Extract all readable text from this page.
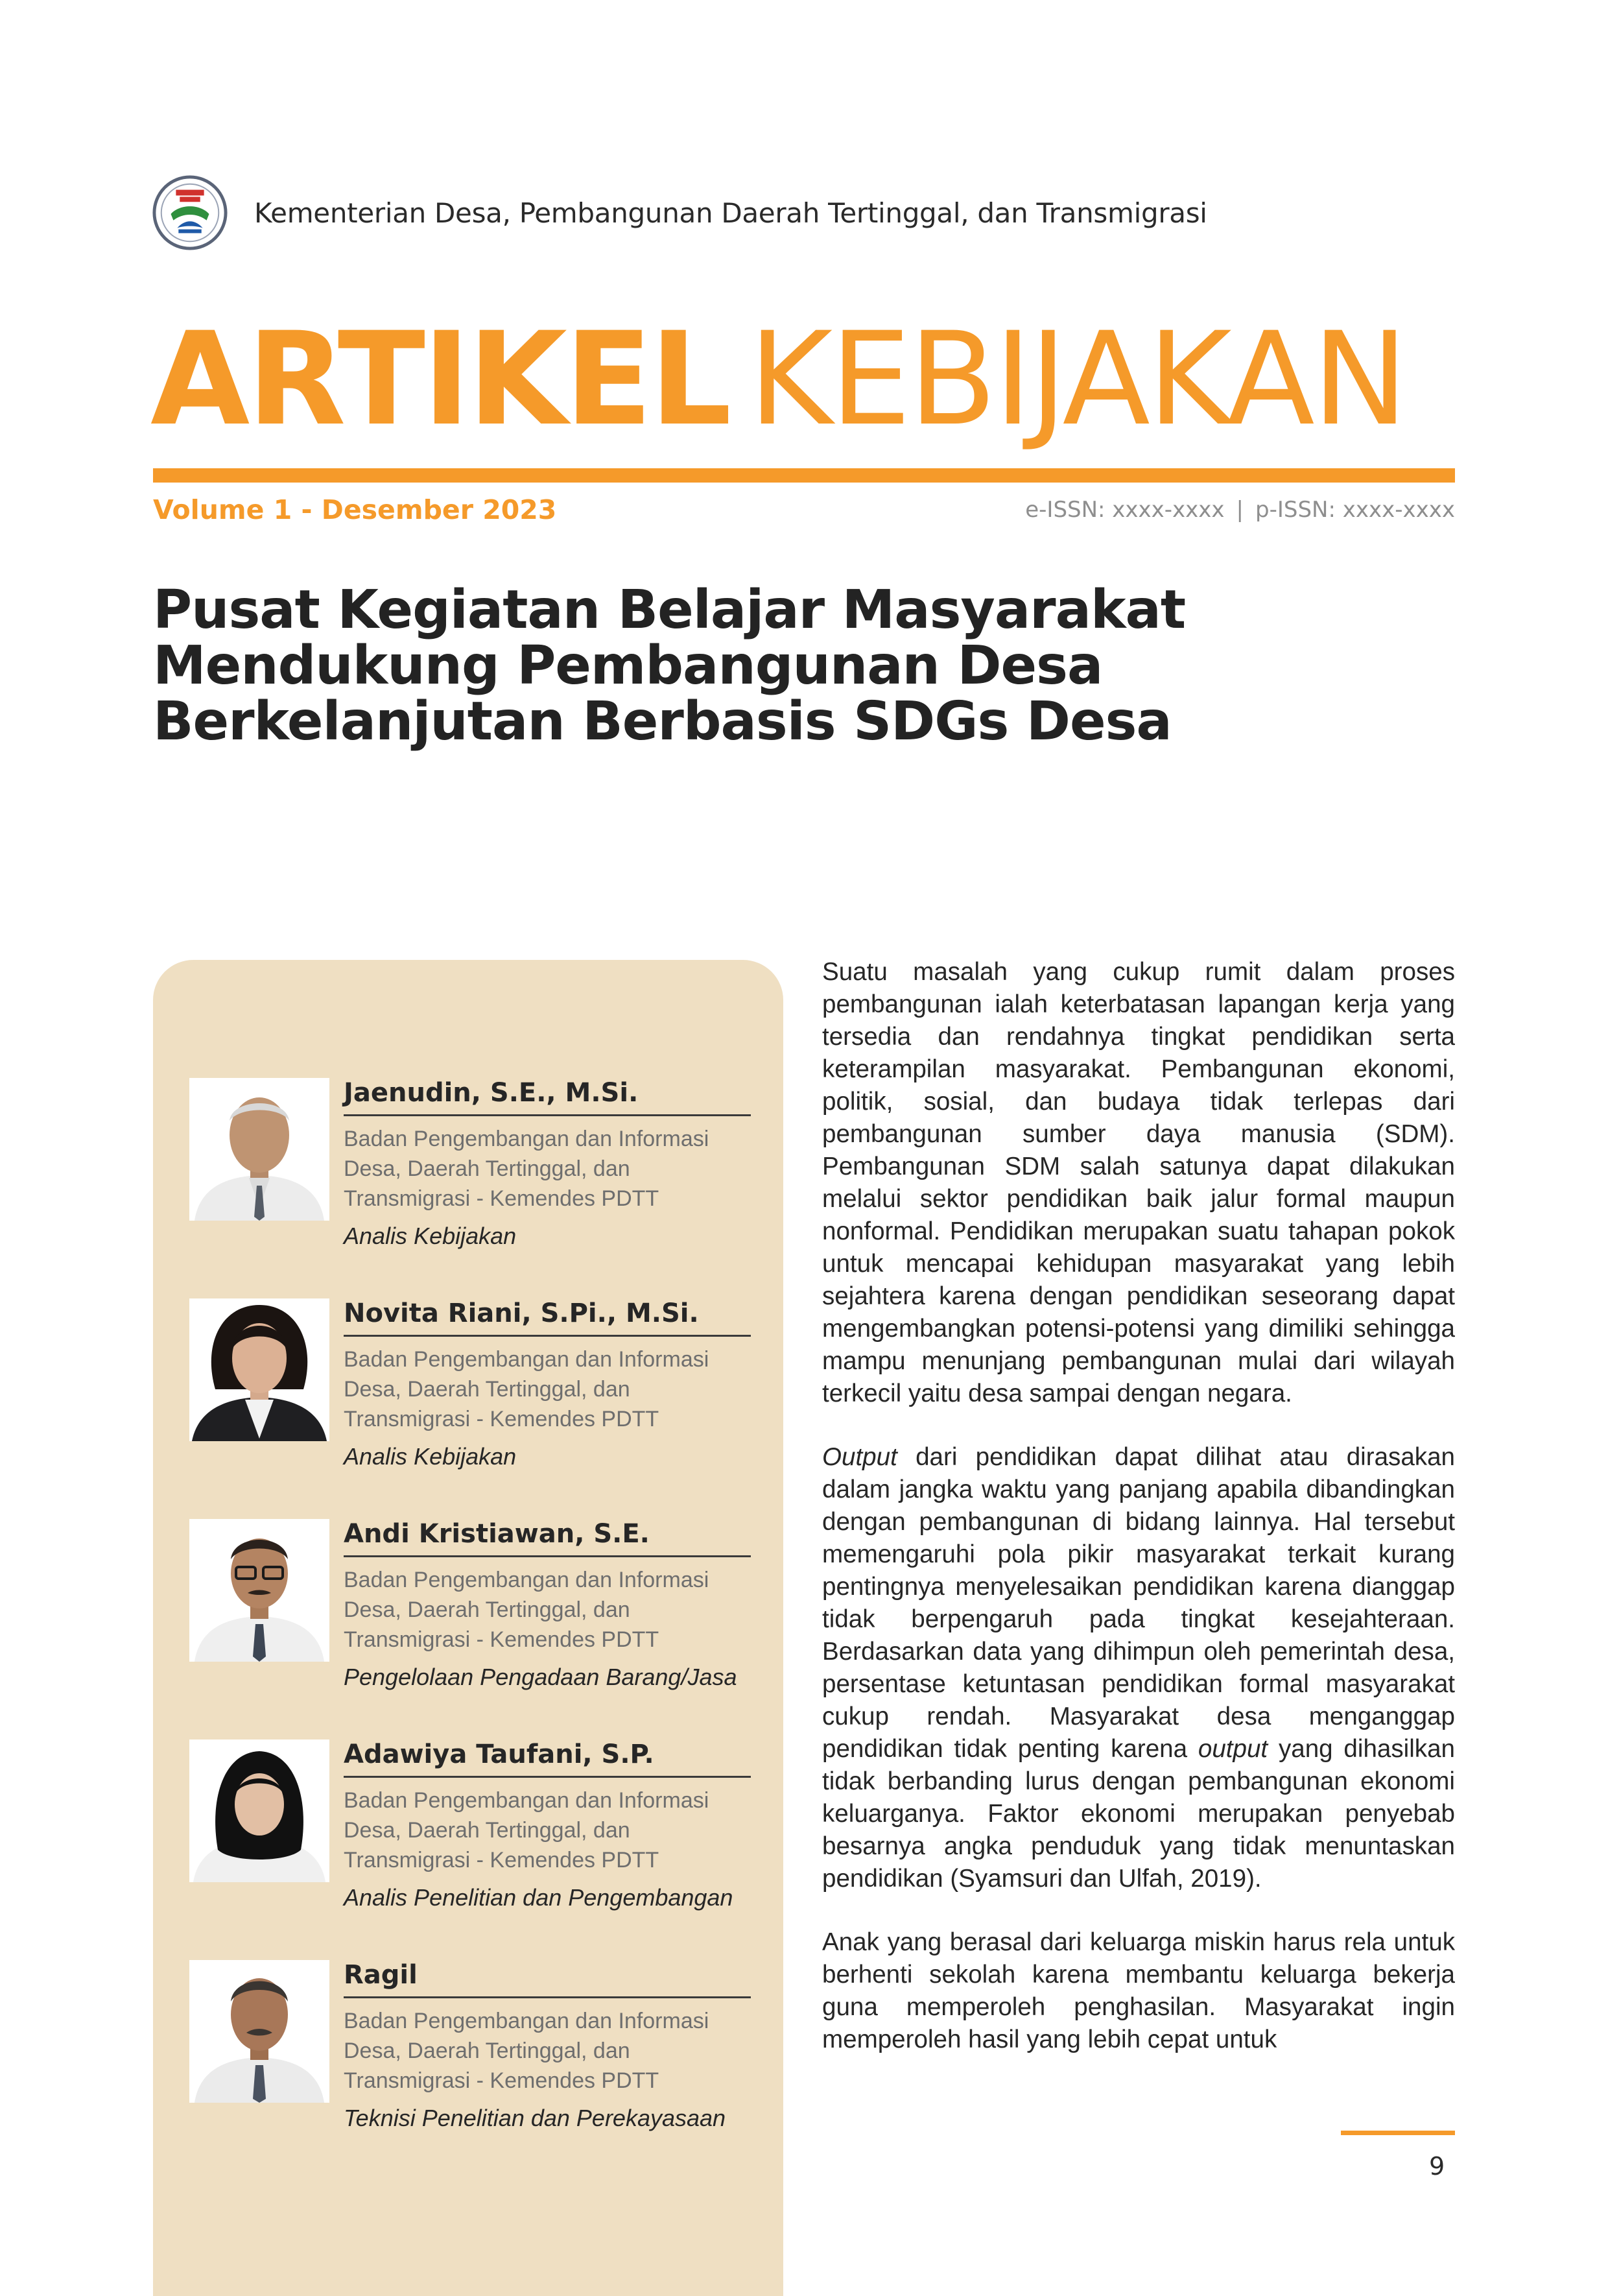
Kementerian Desa, Pembangunan Daerah Tertinggal, dan Transmigrasi
ARTIKEL KEBIJAKAN
Volume 1 - Desember 2023	e-ISSN: xxxx-xxxx | p-ISSN: xxxx-xxxx
Pusat Kegiatan Belajar Masyarakat
Mendukung Pembangunan Desa
Berkelanjutan Berbasis SDGs Desa
Jaenudin, S.E., M.Si.
Badan Pengembangan dan Informasi Desa, Daerah Tertinggal, dan Transmigrasi - Kemendes PDTT
Analis Kebijakan
Novita Riani, S.Pi., M.Si.
Badan Pengembangan dan Informasi Desa, Daerah Tertinggal, dan Transmigrasi - Kemendes PDTT
Analis Kebijakan
Andi Kristiawan, S.E.
Badan Pengembangan dan Informasi Desa, Daerah Tertinggal, dan Transmigrasi - Kemendes PDTT
Pengelolaan Pengadaan Barang/Jasa
Adawiya Taufani, S.P.
Badan Pengembangan dan Informasi Desa, Daerah Tertinggal, dan Transmigrasi - Kemendes PDTT
Analis Penelitian dan Pengembangan
Ragil
Badan Pengembangan dan Informasi Desa, Daerah Tertinggal, dan Transmigrasi - Kemendes PDTT
Teknisi Penelitian dan Perekayasaan

Suatu masalah yang cukup rumit dalam proses pembangunan ialah keterbatasan lapangan kerja yang tersedia dan rendahnya tingkat pendidikan serta keterampilan masyarakat. Pembangunan ekonomi, politik, sosial, dan budaya tidak terlepas dari pembangunan sumber daya manusia (SDM). Pembangunan SDM salah satunya dapat dilakukan melalui sektor pendidikan baik jalur formal maupun nonformal. Pendidikan merupakan suatu tahapan pokok untuk mencapai kehidupan masyarakat yang lebih sejahtera karena dengan pendidikan seseorang dapat mengembangkan potensi-potensi yang dimiliki sehingga mampu menunjang pembangunan mulai dari wilayah terkecil yaitu desa sampai dengan negara.

Output dari pendidikan dapat dilihat atau dirasakan dalam jangka waktu yang panjang apabila dibandingkan dengan pembangunan di bidang lainnya. Hal tersebut memengaruhi pola pikir masyarakat terkait kurang pentingnya menyelesaikan pendidikan karena dianggap tidak berpengaruh pada tingkat kesejahteraan. Berdasarkan data yang dihimpun oleh pemerintah desa, persentase ketuntasan pendidikan formal masyarakat cukup rendah. Masyarakat desa menganggap pendidikan tidak penting karena output yang dihasilkan tidak berbanding lurus dengan pembangunan ekonomi keluarganya. Faktor ekonomi merupakan penyebab besarnya angka penduduk yang tidak menuntaskan pendidikan (Syamsuri dan Ulfah, 2019).

Anak yang berasal dari keluarga miskin harus rela untuk berhenti sekolah karena membantu keluarga bekerja guna memperoleh penghasilan. Masyarakat ingin memperoleh hasil yang lebih cepat untuk

9
